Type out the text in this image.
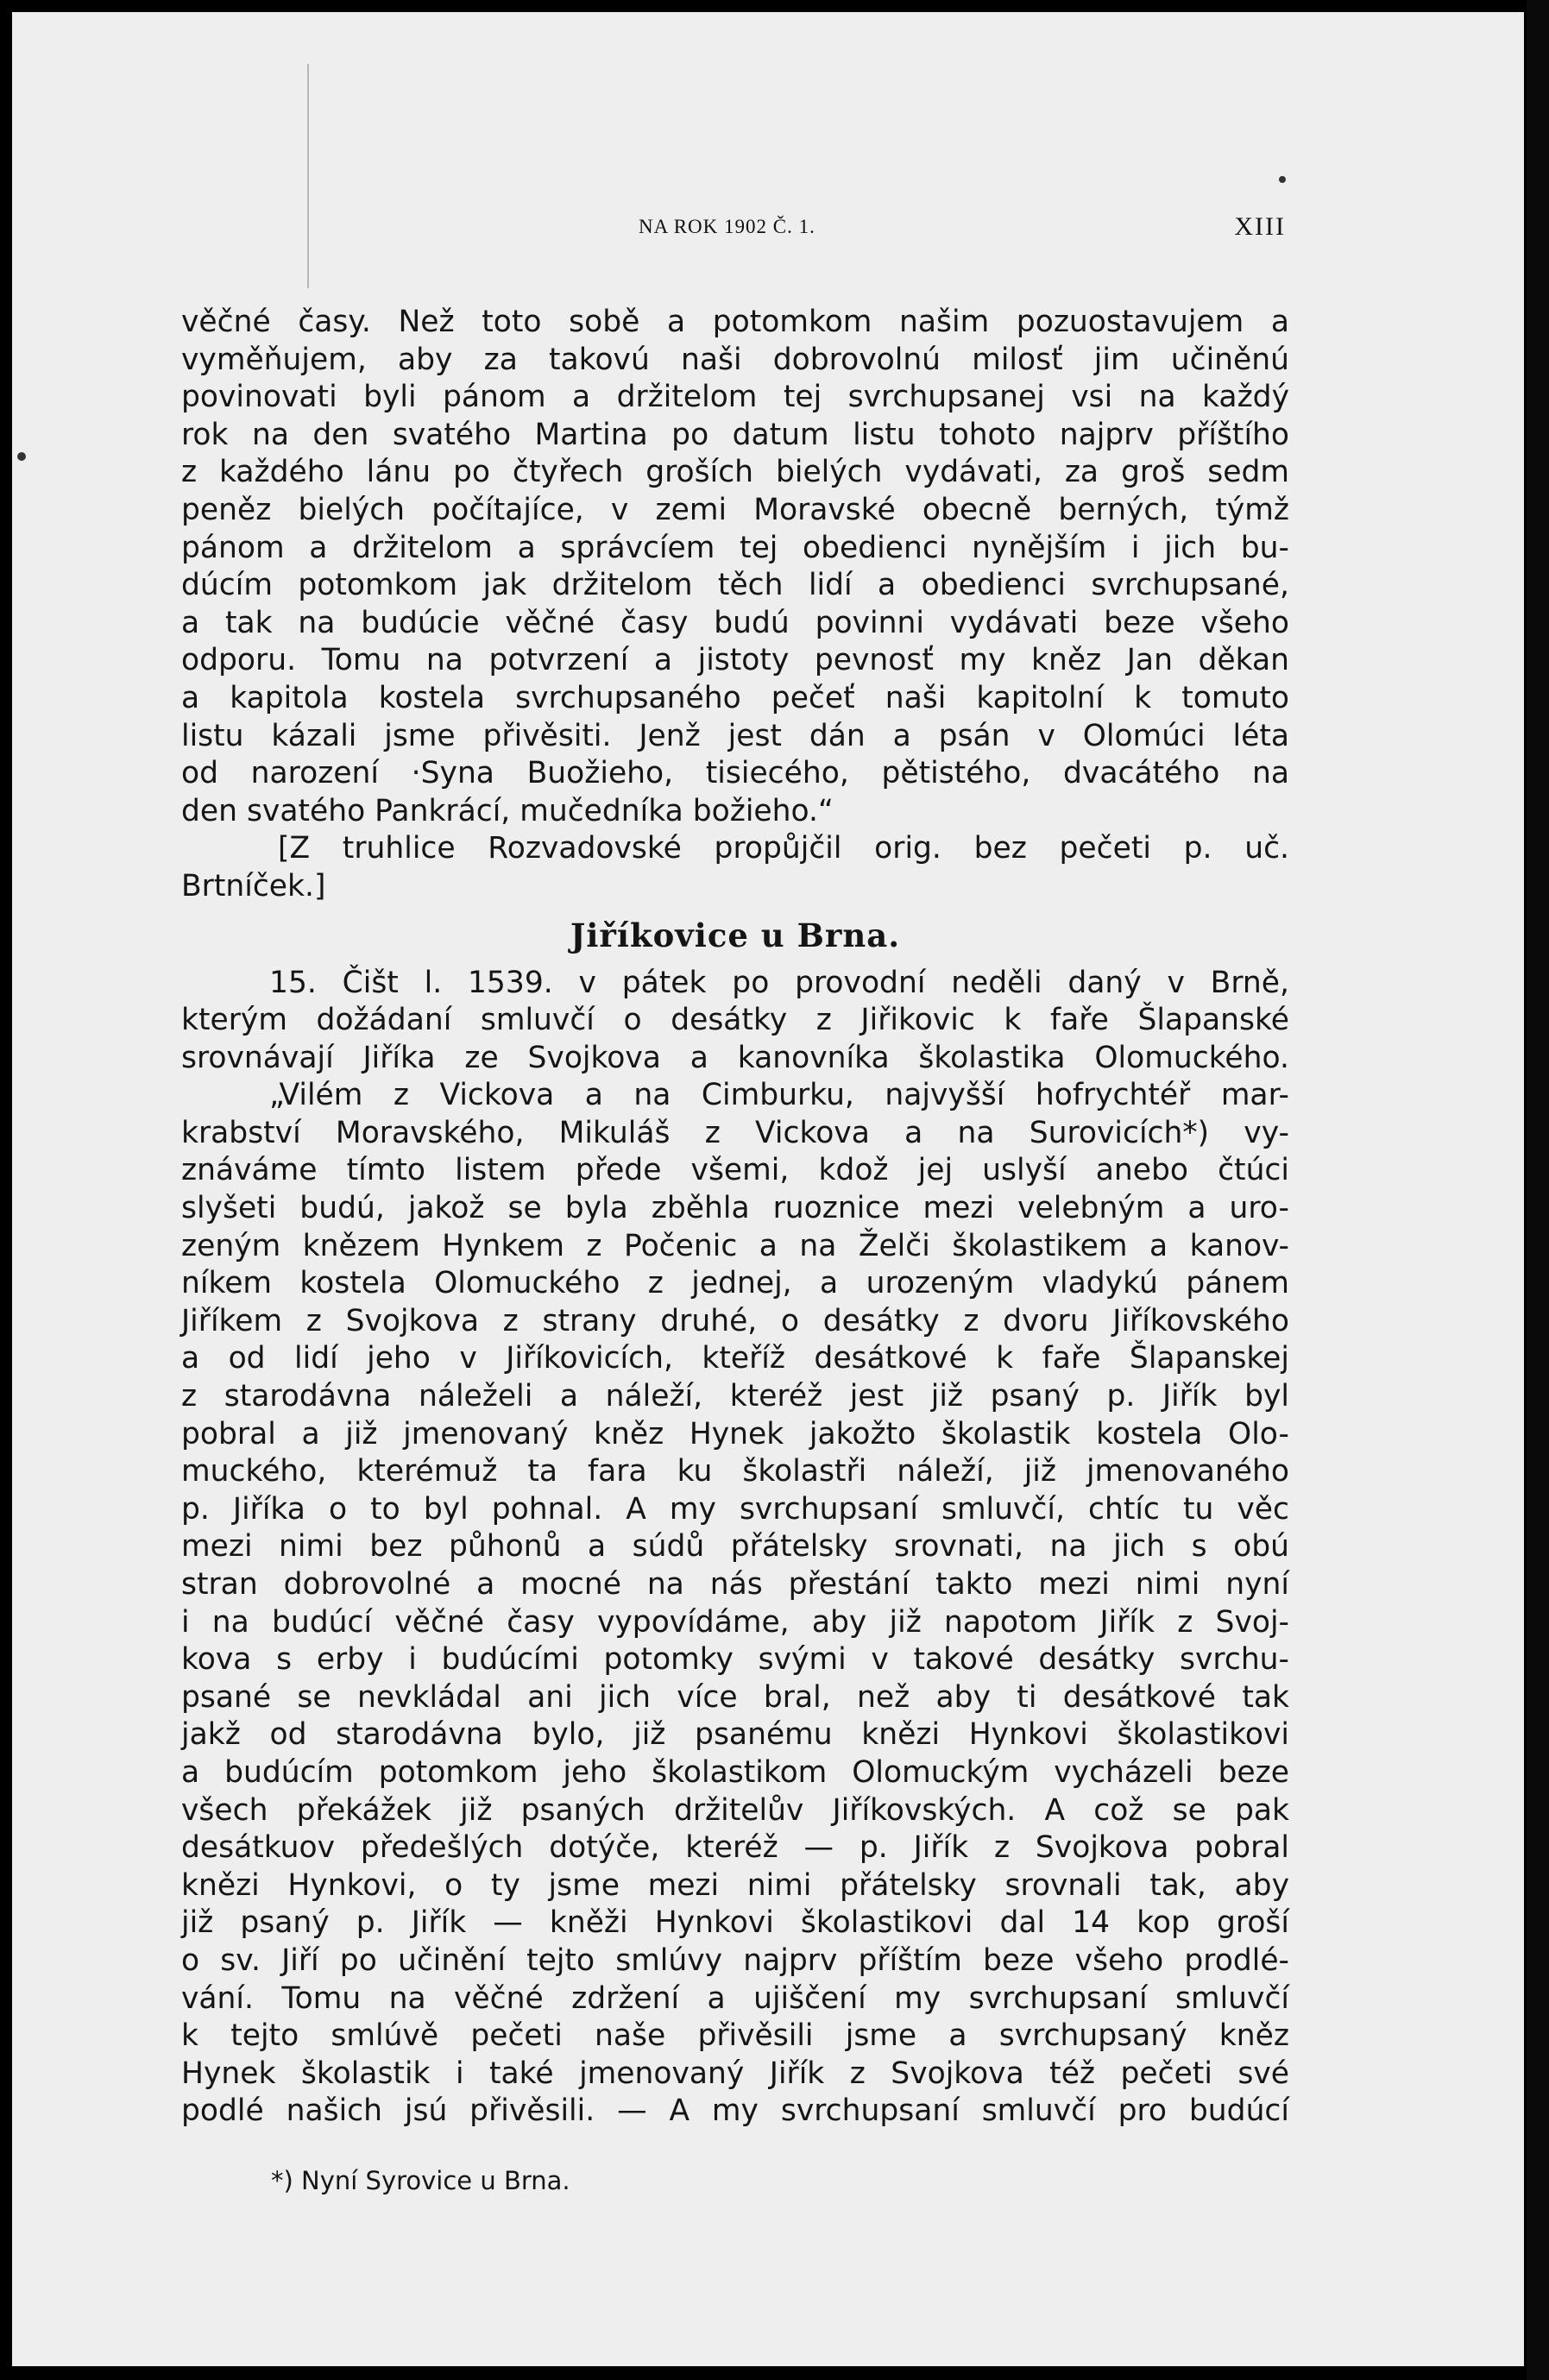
NA ROK 1902 Č. 1.	XIII
věčné časy. Než toto sobě a potomkom našim pozuostavujem a
vyměňujem, aby za takovú naši dobrovolnú milosť jim učiněnú
povinovati byli pánom a držitelom tej svrchupsanej vsi na každý
rok na den svatého Martina po datum listu tohoto najprv příštího
z každého lánu po čtyřech groších bielých vydávati, za groš sedm
peněz bielých počítajíce, v zemi Moravské obecně berných, týmž
pánom a držitelom a správcíem tej obedienci nynějším i jich bu-
dúcím potomkom jak držitelom těch lidí a obedienci svrchupsané,
a tak na budúcie věčné časy budú povinni vydávati beze všeho
odporu. Tomu na potvrzení a jistoty pevnosť my kněz Jan děkan
a kapitola kostela svrchupsaného pečeť naši kapitolní k tomuto
listu kázali jsme přivěsiti. Jenž jest dán a psán v Olomúci léta
od narození ·Syna Buožieho, tisiecého, pětistého, dvacátého na
den svatého Pankrácí, mučedníka božieho.“
[Z truhlice Rozvadovské propůjčil orig. bez pečeti p. uč.
Brtníček.]
Jiříkovice u Brna.
15. Čišt l. 1539. v pátek po provodní neděli daný v Brně,
kterým dožádaní smluvčí o desátky z Jiřikovic k faře Šlapanské
srovnávají Jiříka ze Svojkova a kanovníka školastika Olomuckého.
„Vilém z Vickova a na Cimburku, najvyšší hofrychtéř mar-
krabství Moravského, Mikuláš z Vickova a na Surovicích*) vy-
znáváme tímto listem přede všemi, kdož jej uslyší anebo čtúci
slyšeti budú, jakož se byla zběhla ruoznice mezi velebným a uro-
zeným knězem Hynkem z Počenic a na Želči školastikem a kanov-
níkem kostela Olomuckého z jednej, a urozeným vladykú pánem
Jiříkem z Svojkova z strany druhé, o desátky z dvoru Jiříkovského
a od lidí jeho v Jiříkovicích, kteříž desátkové k faře Šlapanskej
z starodávna náleželi a náleží, kteréž jest již psaný p. Jiřík byl
pobral a již jmenovaný kněz Hynek jakožto školastik kostela Olo-
muckého, kterémuž ta fara ku školastři náleží, již jmenovaného
p. Jiříka o to byl pohnal. A my svrchupsaní smluvčí, chtíc tu věc
mezi nimi bez půhonů a súdů přátelsky srovnati, na jich s obú
stran dobrovolné a mocné na nás přestání takto mezi nimi nyní
i na budúcí věčné časy vypovídáme, aby již napotom Jiřík z Svoj-
kova s erby i budúcími potomky svými v takové desátky svrchu-
psané se nevkládal ani jich více bral, než aby ti desátkové tak
jakž od starodávna bylo, již psanému knězi Hynkovi školastikovi
a budúcím potomkom jeho školastikom Olomuckým vycházeli beze
všech překážek již psaných držitelův Jiříkovských. A což se pak
desátkuov předešlých dotýče, kteréž — p. Jiřík z Svojkova pobral
knězi Hynkovi, o ty jsme mezi nimi přátelsky srovnali tak, aby
již psaný p. Jiřík — kněži Hynkovi školastikovi dal 14 kop groší
o sv. Jiří po učinění tejto smlúvy najprv příštím beze všeho prodlé-
vání. Tomu na věčné zdržení a ujiščení my svrchupsaní smluvčí
k tejto smlúvě pečeti naše přivěsili jsme a svrchupsaný kněz
Hynek školastik i také jmenovaný Jiřík z Svojkova též pečeti své
podlé našich jsú přivěsili. — A my svrchupsaní smluvčí pro budúcí
*) Nyní Syrovice u Brna.
